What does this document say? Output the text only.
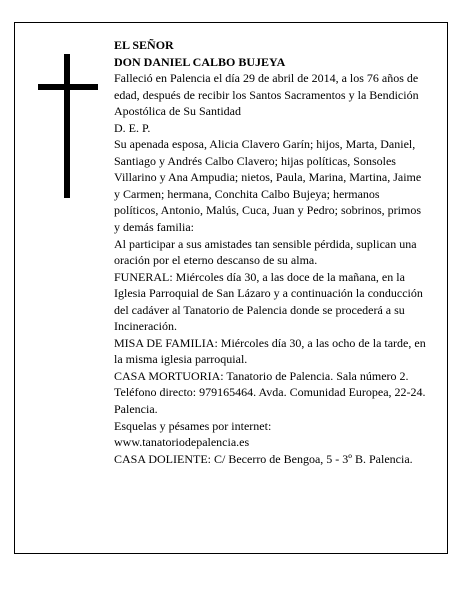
EL SEÑOR

DON DANIEL CALBO BUJEYA

Falleció en Palencia el día 29 de abril de 2014, a los 76 años de edad, después de recibir los Santos Sacramentos y la Bendición Apostólica de Su Santidad

D. E. P.

Su apenada esposa, Alicia Clavero Garín; hijos, Marta, Daniel, Santiago y Andrés Calbo Clavero; hijas políticas, Sonsoles Villarino y Ana Ampudia; nietos, Paula, Marina, Martina, Jaime y Carmen; hermana, Conchita Calbo Bujeya; hermanos políticos, Antonio, Malús, Cuca, Juan y Pedro; sobrinos, primos y demás familia:

Al participar a sus amistades tan sensible pérdida, suplican una oración por el eterno descanso de su alma.

FUNERAL: Miércoles día 30, a las doce de la mañana, en la Iglesia Parroquial de San Lázaro y a continuación la conducción del cadáver al Tanatorio de Palencia donde se procederá a su Incineración.

MISA DE FAMILIA: Miércoles día 30, a las ocho de la tarde, en la misma iglesia parroquial.

CASA MORTUORIA: Tanatorio de Palencia. Sala número 2. Teléfono directo: 979165464. Avda. Comunidad Europea, 22-24. Palencia.

Esquelas y pésames por internet:

www.tanatoriodepalencia.es

CASA DOLIENTE: C/ Becerro de Bengoa, 5 - 3º B. Palencia.
